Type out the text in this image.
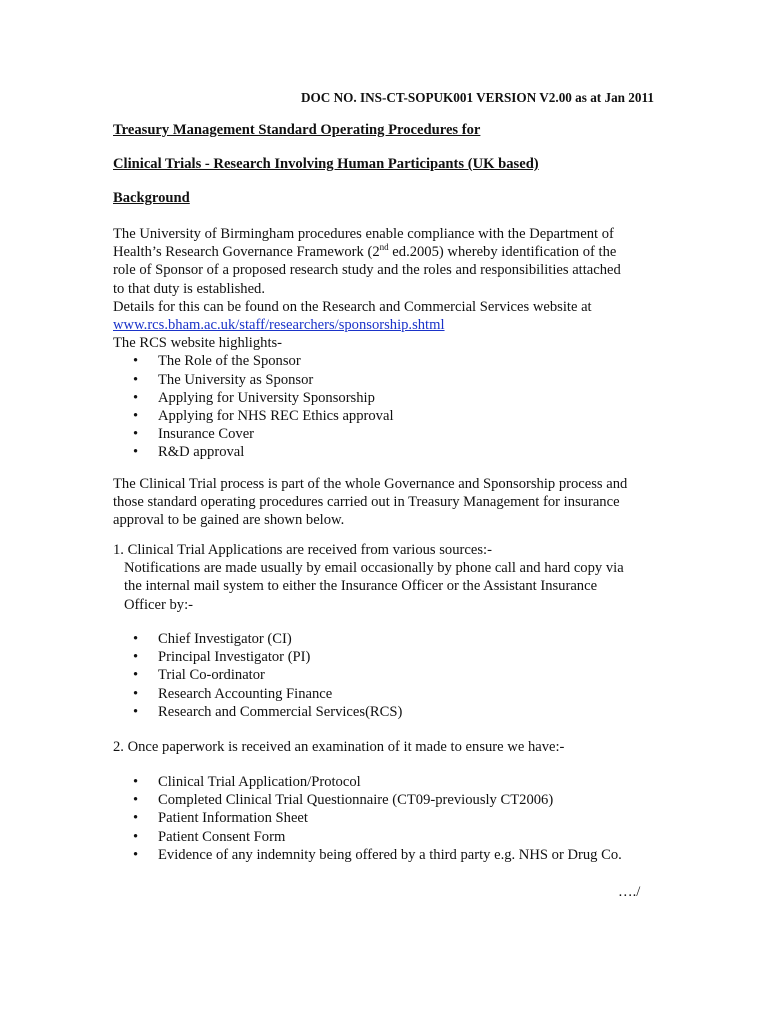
DOC NO. INS-CT-SOPUK001 VERSION V2.00 as at Jan 2011
Treasury Management Standard Operating Procedures for
Clinical Trials - Research Involving Human Participants (UK based)
Background

The University of Birmingham procedures enable compliance with the Department of

Health’s Research Governance Framework (2nd ed.2005) whereby identification of the

role of Sponsor of a proposed research study and the roles and responsibilities attached

to that duty is established.

Details for this can be found on the Research and Commercial Services website at

www.rcs.bham.ac.uk/staff/researchers/sponsorship.shtml

The RCS website highlights-

• The Role of the Sponsor
• The University as Sponsor
• Applying for University Sponsorship
• Applying for NHS REC Ethics approval
• Insurance Cover
• R&D approval

The Clinical Trial process is part of the whole Governance and Sponsorship process and

those standard operating procedures carried out in Treasury Management for insurance

approval to be gained are shown below.

1. Clinical Trial Applications are received from various sources:-

Notifications are made usually by email occasionally by phone call and hard copy via

the internal mail system to either the Insurance Officer or the Assistant Insurance

Officer by:-

• Chief Investigator (CI)
• Principal Investigator (PI)
• Trial Co-ordinator
• Research Accounting Finance
• Research and Commercial Services(RCS)

2. Once paperwork is received an examination of it made to ensure we have:-

• Clinical Trial Application/Protocol
• Completed Clinical Trial Questionnaire (CT09-previously CT2006)
• Patient Information Sheet
• Patient Consent Form
• Evidence of any indemnity being offered by a third party e.g. NHS or Drug Co.
…./
